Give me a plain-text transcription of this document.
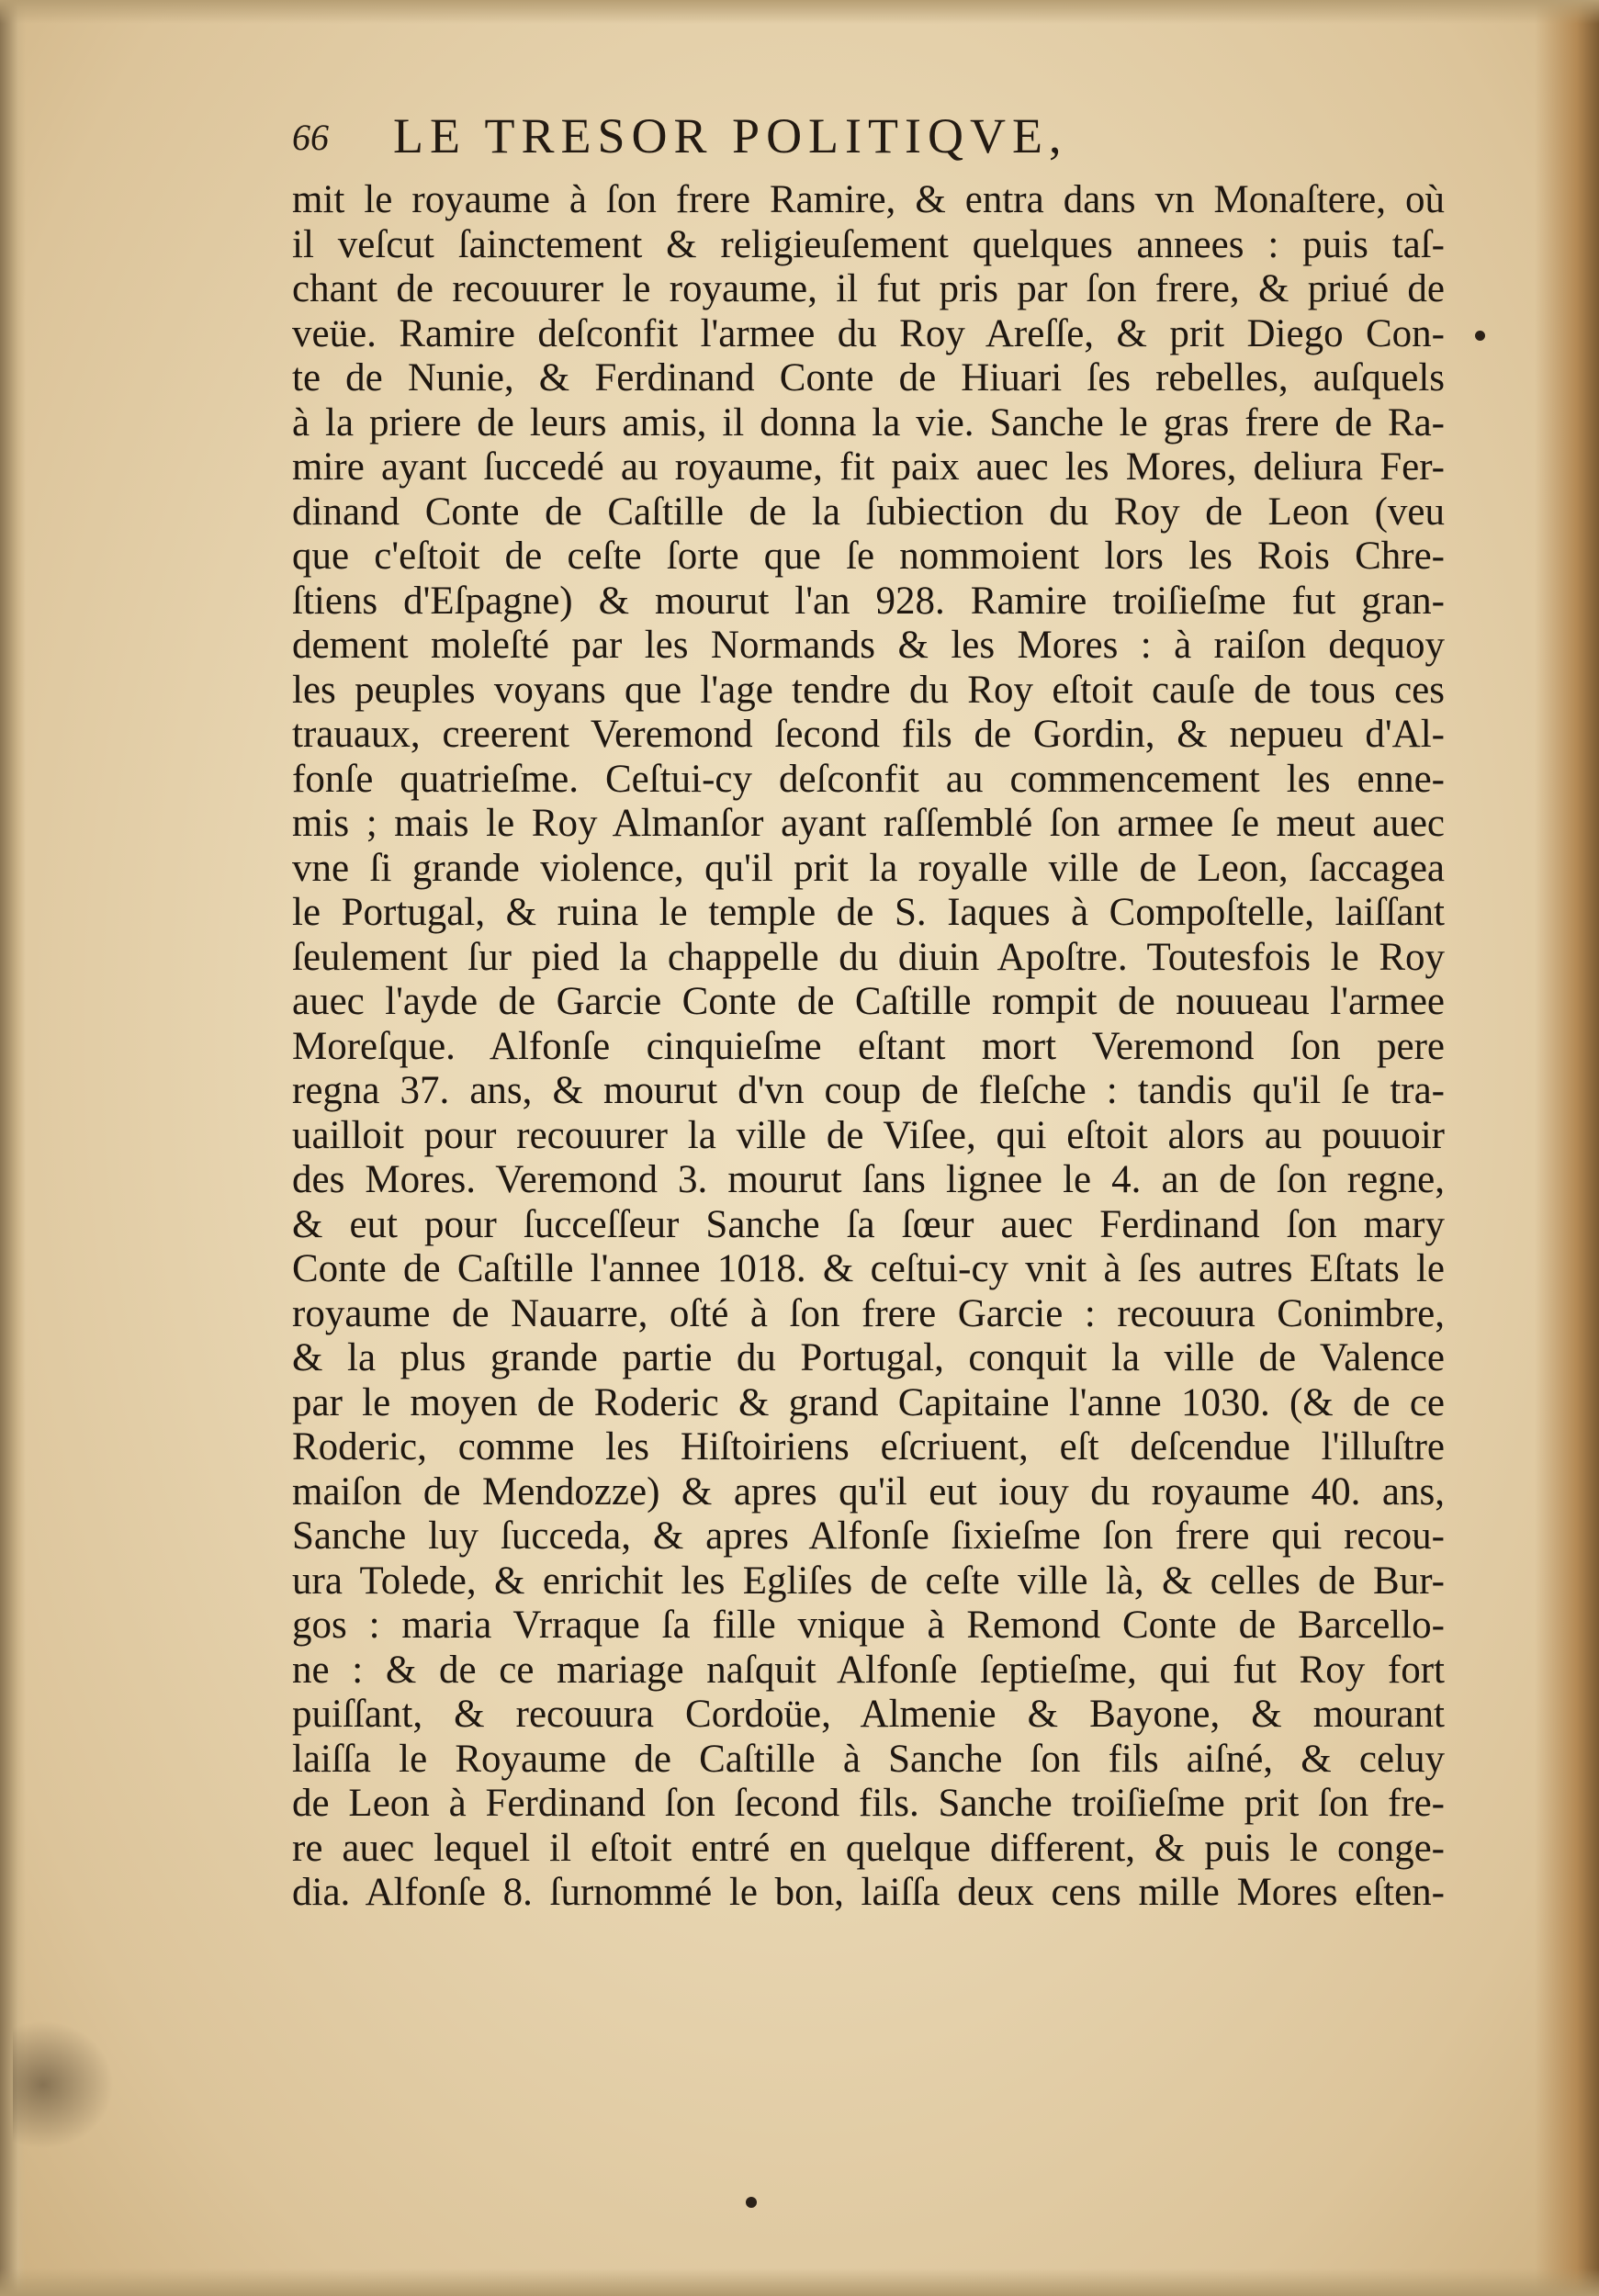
66 LE TRESOR POLITIQVE,
mit le royaume à ſon frere Ramire, & entra dans vn Monaſtere, où
il veſcut ſainctement & religieuſement quelques annees : puis taſ-
chant de recouurer le royaume, il fut pris par ſon frere, & priué de
veüe. Ramire deſconfit l'armee du Roy Areſſe, & prit Diego Con-
te de Nunie, & Ferdinand Conte de Hiuari ſes rebelles, auſquels
à la priere de leurs amis, il donna la vie. Sanche le gras frere de Ra-
mire ayant ſuccedé au royaume, fit paix auec les Mores, deliura Fer-
dinand Conte de Caſtille de la ſubiection du Roy de Leon (veu
que c'eſtoit de ceſte ſorte que ſe nommoient lors les Rois Chre-
ſtiens d'Eſpagne) & mourut l'an 928. Ramire troiſieſme fut gran-
dement moleſté par les Normands & les Mores : à raiſon dequoy
les peuples voyans que l'age tendre du Roy eſtoit cauſe de tous ces
trauaux, creerent Veremond ſecond fils de Gordin, & nepueu d'Al-
fonſe quatrieſme. Ceſtui-cy deſconfit au commencement les enne-
mis ; mais le Roy Almanſor ayant raſſemblé ſon armee ſe meut auec
vne ſi grande violence, qu'il prit la royalle ville de Leon, ſaccagea
le Portugal, & ruina le temple de S. Iaques à Compoſtelle, laiſſant
ſeulement ſur pied la chappelle du diuin Apoſtre. Toutesfois le Roy
auec l'ayde de Garcie Conte de Caſtille rompit de nouueau l'armee
Moreſque. Alfonſe cinquieſme eſtant mort Veremond ſon pere
regna 37. ans, & mourut d'vn coup de fleſche : tandis qu'il ſe tra-
uailloit pour recouurer la ville de Viſee, qui eſtoit alors au pouuoir
des Mores. Veremond 3. mourut ſans lignee le 4. an de ſon regne,
& eut pour ſucceſſeur Sanche ſa ſœur auec Ferdinand ſon mary
Conte de Caſtille l'annee 1018. & ceſtui-cy vnit à ſes autres Eſtats le
royaume de Nauarre, oſté à ſon frere Garcie : recouura Conimbre,
& la plus grande partie du Portugal, conquit la ville de Valence
par le moyen de Roderic & grand Capitaine l'anne 1030. (& de ce
Roderic, comme les Hiſtoiriens eſcriuent, eſt deſcendue l'illuſtre
maiſon de Mendozze) & apres qu'il eut iouy du royaume 40. ans,
Sanche luy ſucceda, & apres Alfonſe ſixieſme ſon frere qui recou-
ura Tolede, & enrichit les Egliſes de ceſte ville là, & celles de Bur-
gos : maria Vrraque ſa fille vnique à Remond Conte de Barcello-
ne : & de ce mariage naſquit Alfonſe ſeptieſme, qui fut Roy fort
puiſſant, & recouura Cordoüe, Almenie & Bayone, & mourant
laiſſa le Royaume de Caſtille à Sanche ſon fils aiſné, & celuy
de Leon à Ferdinand ſon ſecond fils. Sanche troiſieſme prit ſon fre-
re auec lequel il eſtoit entré en quelque different, & puis le conge-
dia. Alfonſe 8. ſurnommé le bon, laiſſa deux cens mille Mores eſten-
